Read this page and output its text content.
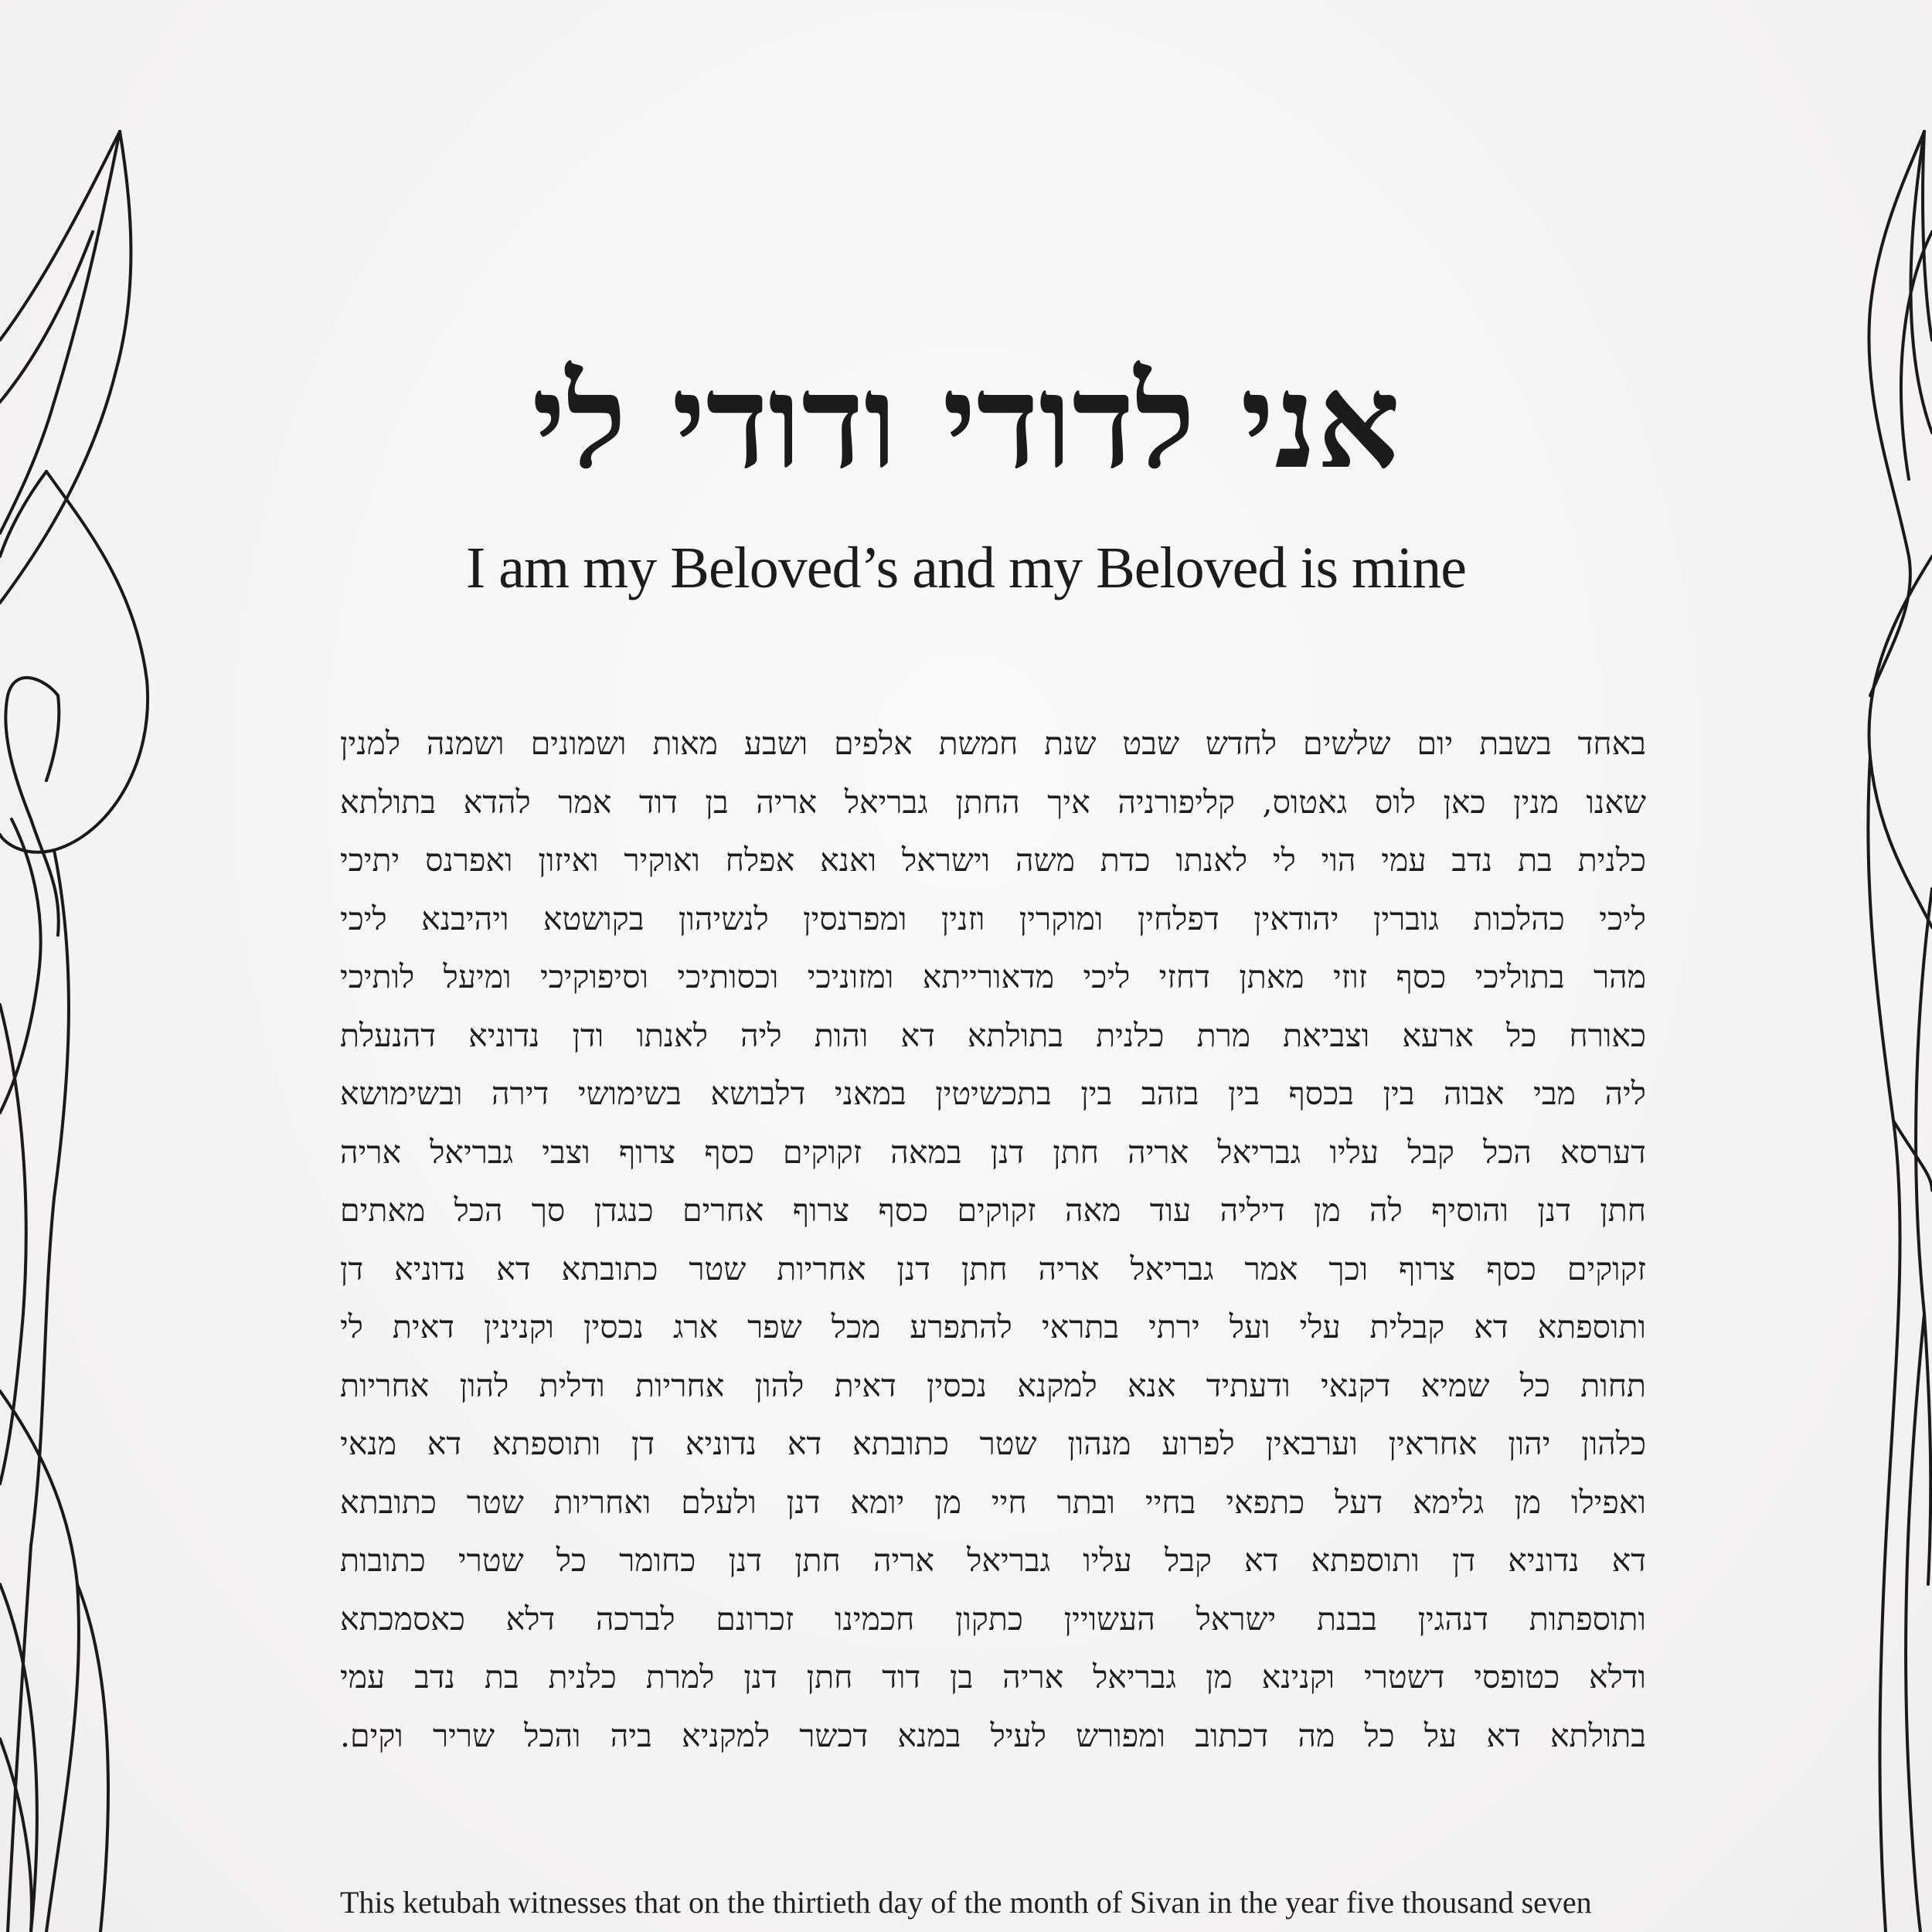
אני לדודי ודודי לי
I am my Beloved’s and my Beloved is mine
באחד בשבת יום שלשים לחדש שבט שנת חמשת אלפים ושבע מאות ושמונים ושמנה למנין
שאנו מנין כאן לוס גאטוס, קליפורניה איך החתן גבריאל אריה בן דוד אמר להדא בתולתא
כלנית בת נדב עמי הוי לי לאנתו כדת משה וישראל ואנא אפלח ואוקיר ואיזון ואפרנס יתיכי
ליכי כהלכות גוברין יהודאין דפלחין ומוקרין וזנין ומפרנסין לנשיהון בקושטא ויהיבנא ליכי
מהר בתוליכי כסף זוזי מאתן דחזי ליכי מדאורייתא ומזוניכי וכסותיכי וסיפוקיכי ומיעל לותיכי
כאורח כל ארעא וצביאת מרת כלנית בתולתא דא והות ליה לאנתו ודן נדוניא דהנעלת
ליה מבי אבוה בין בכסף בין בזהב בין בתכשיטין במאני דלבושא בשימושי דירה ובשימושא
דערסא הכל קבל עליו גבריאל אריה חתן דנן במאה זקוקים כסף צרוף וצבי גבריאל אריה
חתן דנן והוסיף לה מן דיליה עוד מאה זקוקים כסף צרוף אחרים כנגדן סך הכל מאתים
זקוקים כסף צרוף וכך אמר גבריאל אריה חתן דנן אחריות שטר כתובתא דא נדוניא דן
ותוספתא דא קבלית עלי ועל ירתי בתראי להתפרע מכל שפר ארג נכסין וקנינין דאית לי
תחות כל שמיא דקנאי ודעתיד אנא למקנא נכסין דאית להון אחריות ודלית להון אחריות
כלהון יהון אחראין וערבאין לפרוע מנהון שטר כתובתא דא נדוניא דן ותוספתא דא מנאי
ואפילו מן גלימא דעל כתפאי בחיי ובתר חיי מן יומא דנן ולעלם ואחריות שטר כתובתא
דא נדוניא דן ותוספתא דא קבל עליו גבריאל אריה חתן דנן כחומר כל שטרי כתובות
ותוספתות דנהגין בבנת ישראל העשויין כתקון חכמינו זכרונם לברכה דלא כאסמכתא
ודלא כטופסי דשטרי וקנינא מן גבריאל אריה בן דוד חתן דנן למרת כלנית בת נדב עמי
בתולתא דא על כל מה דכתוב ומפורש לעיל במנא דכשר למקניא ביה והכל שריר וקים.

This ketubah witnesses that on the thirtieth day of the month of Sivan in the year five thousand seven
